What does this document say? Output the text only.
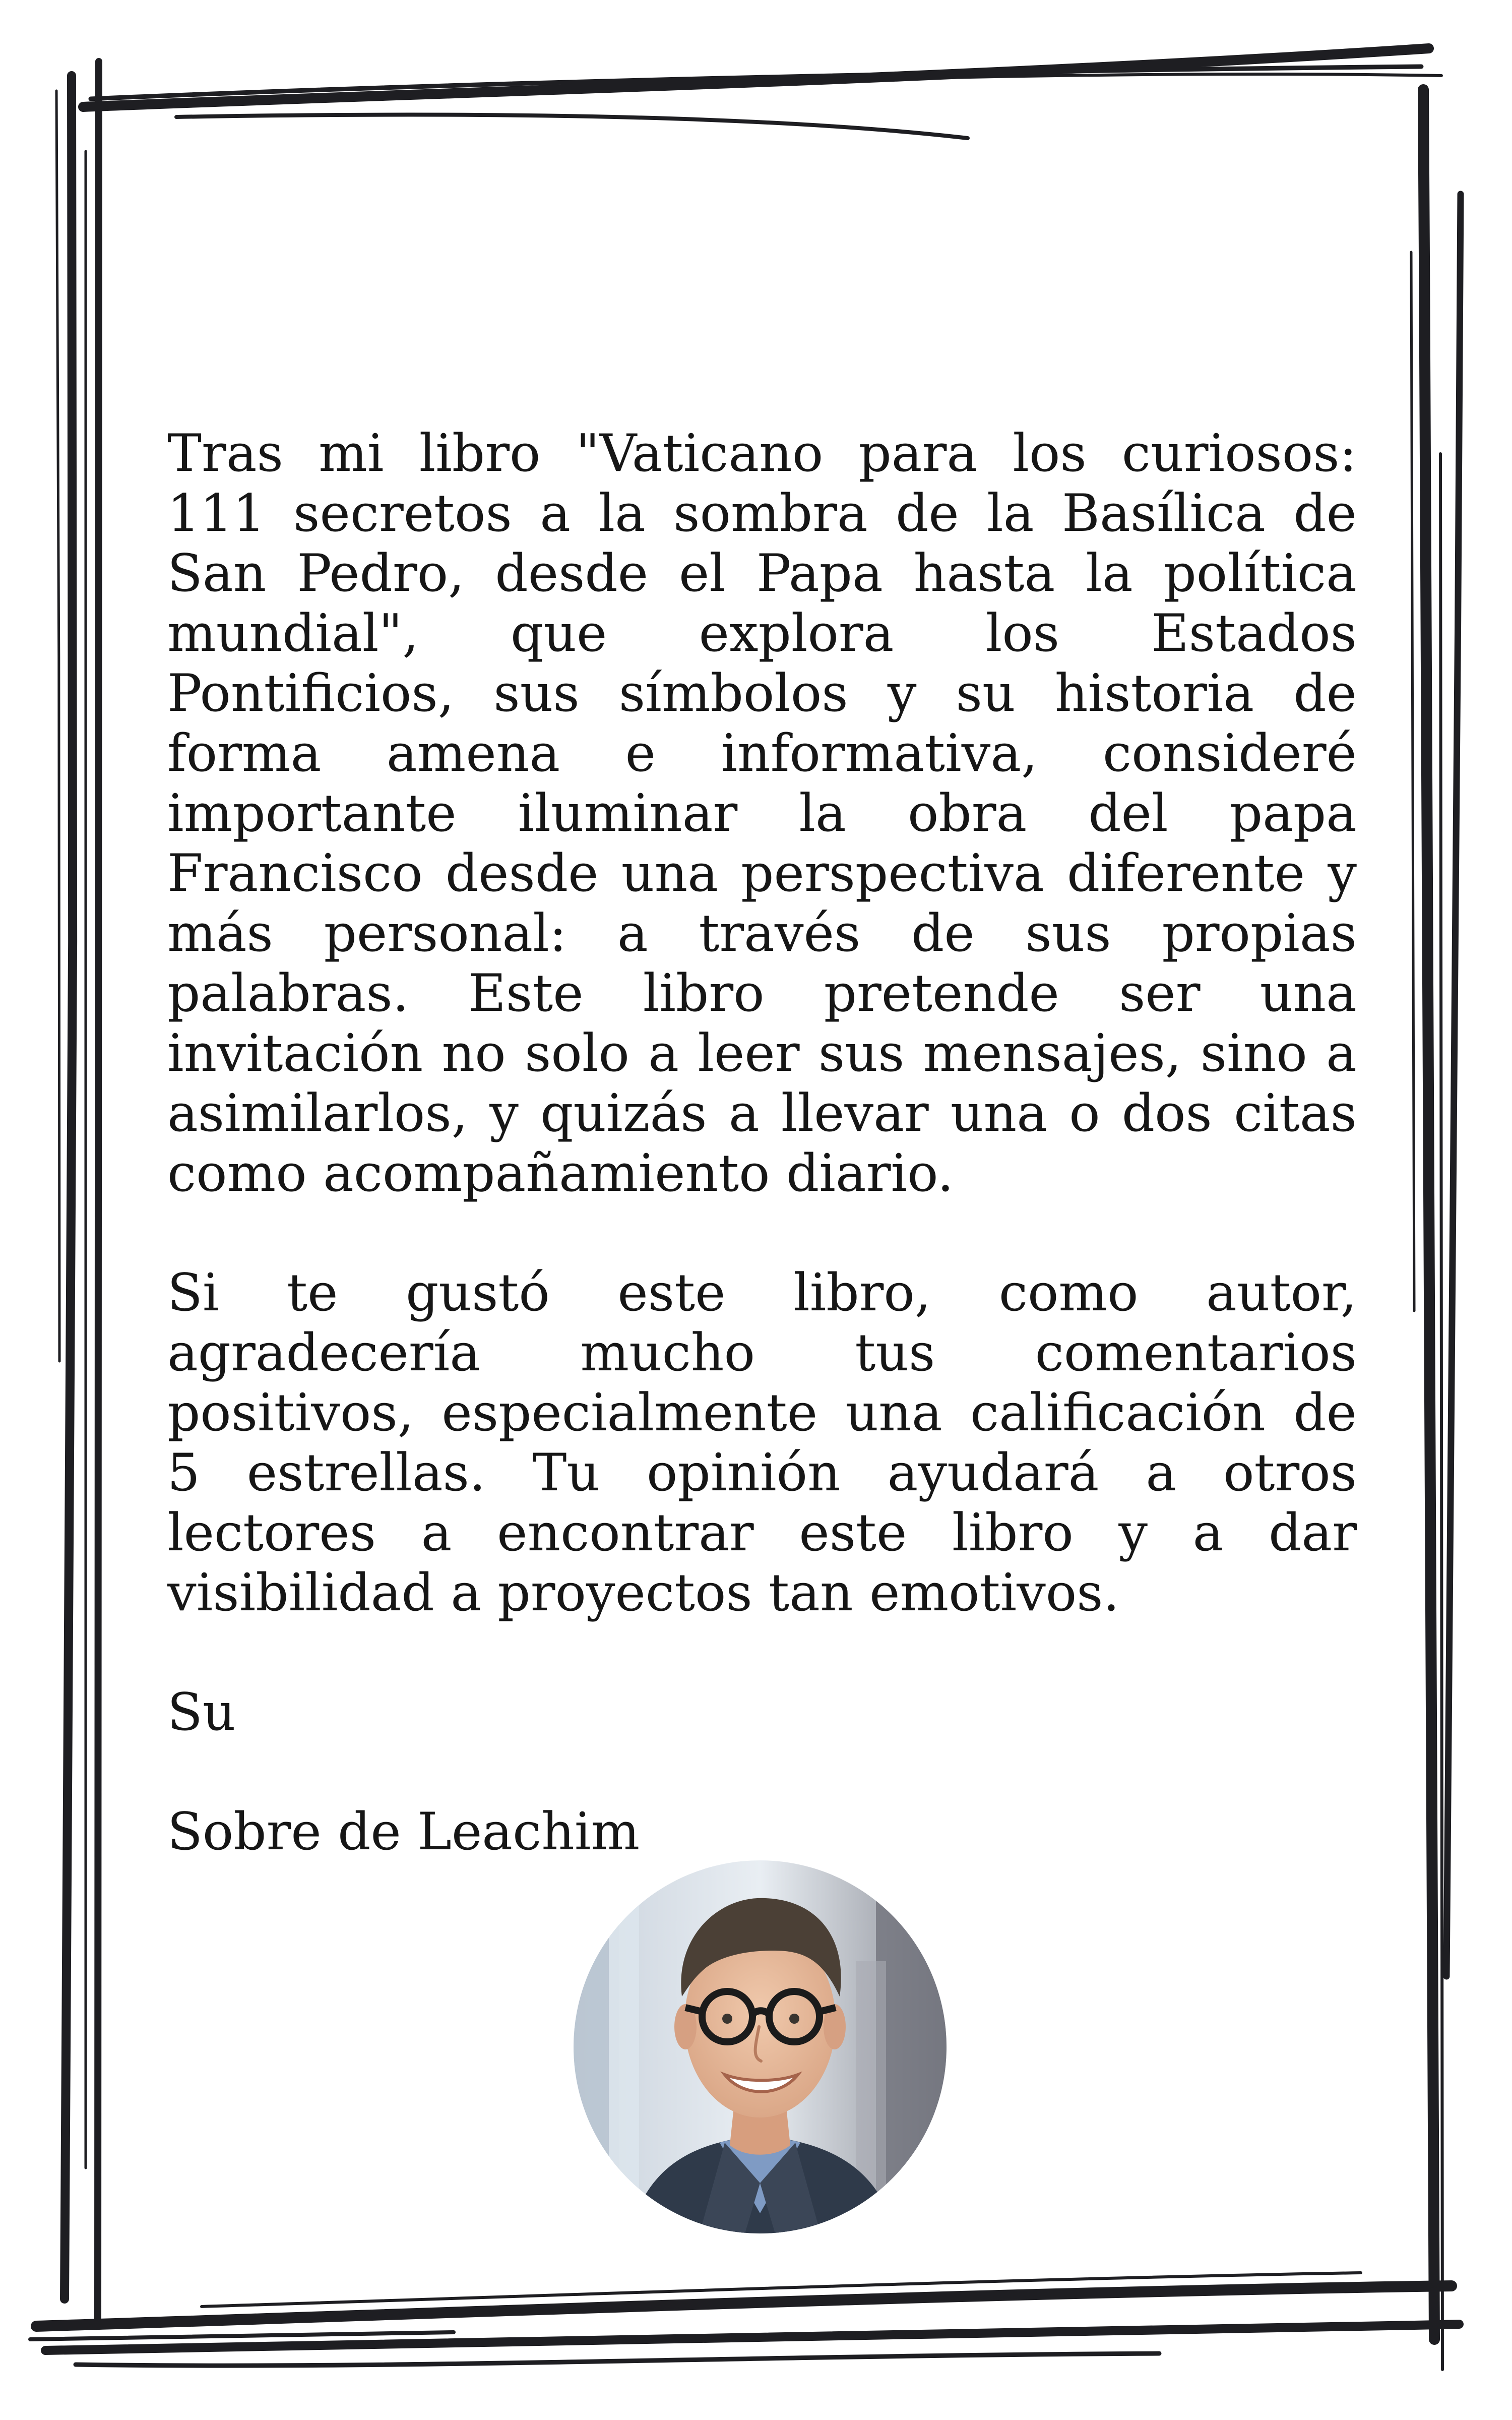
Tras mi libro "Vaticano para los curiosos: 111 secretos a la sombra de la Basílica de San Pedro, desde el Papa hasta la política mundial", que explora los Estados Pontificios, sus símbolos y su historia de forma amena e informativa, consideré importante iluminar la obra del papa Francisco desde una perspectiva diferente y más personal: a través de sus propias palabras. Este libro pretende ser una invitación no solo a leer sus mensajes, sino a asimilarlos, y quizás a llevar una o dos citas como acompañamiento diario.

Si te gustó este libro, como autor, agradecería mucho tus comentarios positivos, especialmente una calificación de 5 estrellas. Tu opinión ayudará a otros lectores a encontrar este libro y a dar visibilidad a proyectos tan emotivos.

Su

Sobre de Leachim
